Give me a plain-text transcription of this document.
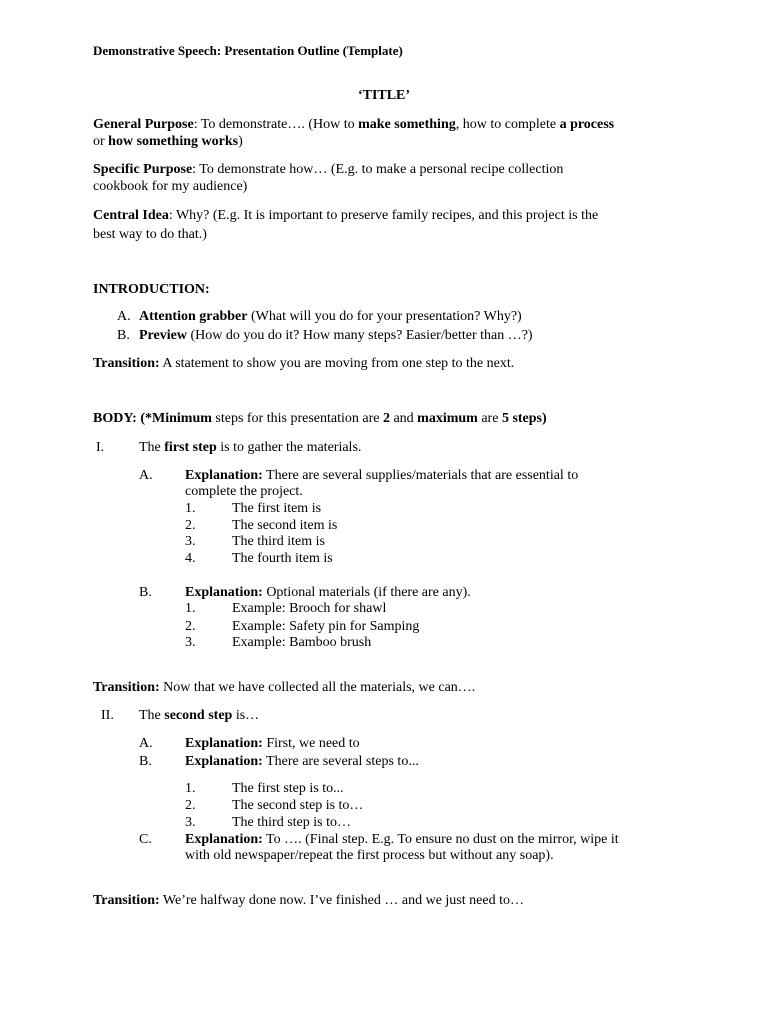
Demonstrative Speech: Presentation Outline (Template)
‘TITLE’
General Purpose: To demonstrate…. (How to make something, how to complete a process
or how something works)
Specific Purpose: To demonstrate how… (E.g. to make a personal recipe collection
cookbook for my audience)
Central Idea: Why? (E.g. It is important to preserve family recipes, and this project is the
best way to do that.)
INTRODUCTION:
A. Attention grabber (What will you do for your presentation? Why?)
B. Preview (How do you do it? How many steps? Easier/better than …?)
Transition: A statement to show you are moving from one step to the next.
BODY: (*Minimum steps for this presentation are 2 and maximum are 5 steps)
I. The first step is to gather the materials.
A. Explanation: There are several supplies/materials that are essential to
complete the project.
1.	The first item is
2.	The second item is
3.	The third item is
4.	The fourth item is
B. Explanation: Optional materials (if there are any).
1.	Example: Brooch for shawl
2.	Example: Safety pin for Samping
3.	Example: Bamboo brush
Transition: Now that we have collected all the materials, we can….
II. The second step is…
A. Explanation: First, we need to
B. Explanation: There are several steps to...
1.	The first step is to...
2.	The second step is to…
3.	The third step is to…
C. Explanation: To …. (Final step. E.g. To ensure no dust on the mirror, wipe it
with old newspaper/repeat the first process but without any soap).
Transition: We’re halfway done now. I’ve finished … and we just need to…
